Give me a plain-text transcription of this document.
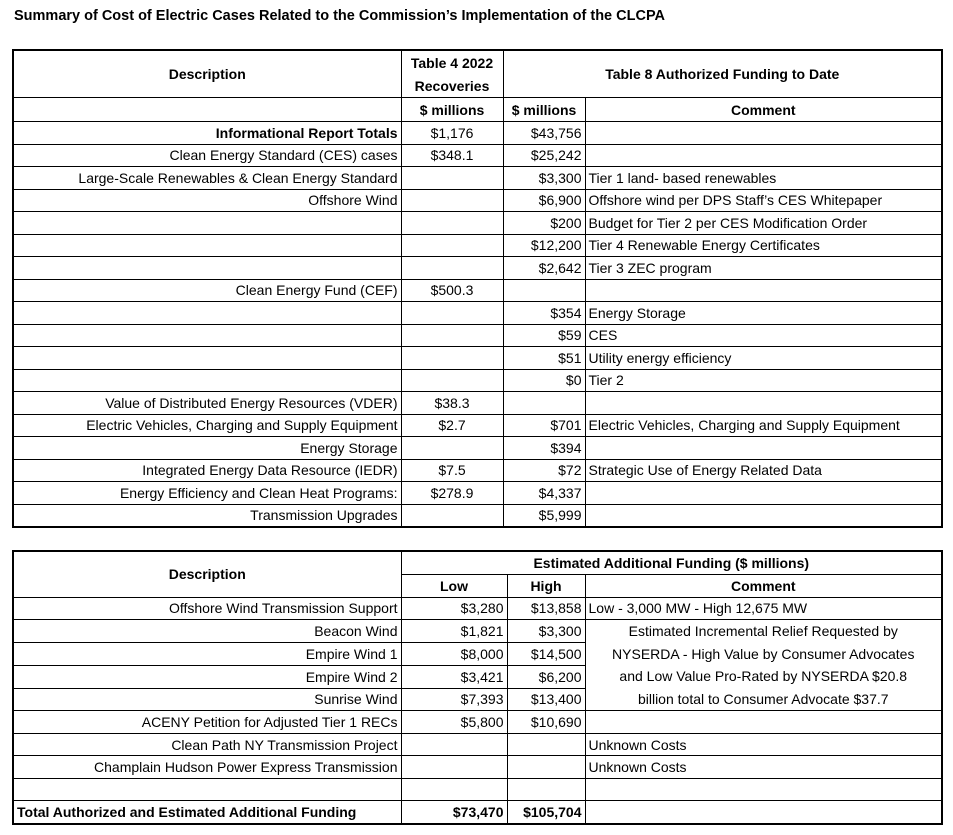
Summary of Cost of Electric Cases Related to the Commission’s Implementation of the CLCPA
Description	Table 4 2022	Table 8 Authorized Funding to Date	
	Recoveries		
	$ millions	$ millions	Comment
Informational Report Totals	$1,176	$43,756	
Clean Energy Standard (CES) cases	$348.1	$25,242	
Large-Scale Renewables & Clean Energy Standard		$3,300	Tier 1 land- based renewables
Offshore Wind		$6,900	Offshore wind per DPS Staff’s CES Whitepaper
		$200	Budget for Tier 2 per CES Modification Order
		$12,200	Tier 4 Renewable Energy Certificates
		$2,642	Tier 3 ZEC program
Clean Energy Fund (CEF)	$500.3		
		$354	Energy Storage
		$59	CES
		$51	Utility energy efficiency
		$0	Tier 2
Value of Distributed Energy Resources (VDER)	$38.3		
Electric Vehicles, Charging and Supply Equipment	$2.7	$701	Electric Vehicles, Charging and Supply Equipment
Energy Storage		$394	
Integrated Energy Data Resource (IEDR)	$7.5	$72	Strategic Use of Energy Related Data
Energy Efficiency and Clean Heat Programs:	$278.9	$4,337	
Transmission Upgrades		$5,999	
Description	Estimated Additional Funding ($ millions)		
	Low	High	Comment
Offshore Wind Transmission Support	$3,280	$13,858	Low - 3,000 MW - High 12,675 MW
Beacon Wind	$1,821	$3,300	Estimated Incremental Relief Requested by
NYSERDA - High Value by Consumer Advocates
and Low Value Pro-Rated by NYSERDA $20.8
billion total to Consumer Advocate $37.7

Empire Wind 1	$8,000	$14,500	
Empire Wind 2	$3,421	$6,200	
Sunrise Wind	$7,393	$13,400	
ACENY Petition for Adjusted Tier 1 RECs	$5,800	$10,690	
Clean Path NY Transmission Project			Unknown Costs
Champlain Hudson Power Express Transmission			Unknown Costs

Total Authorized and Estimated Additional Funding	$73,470	$105,704	
